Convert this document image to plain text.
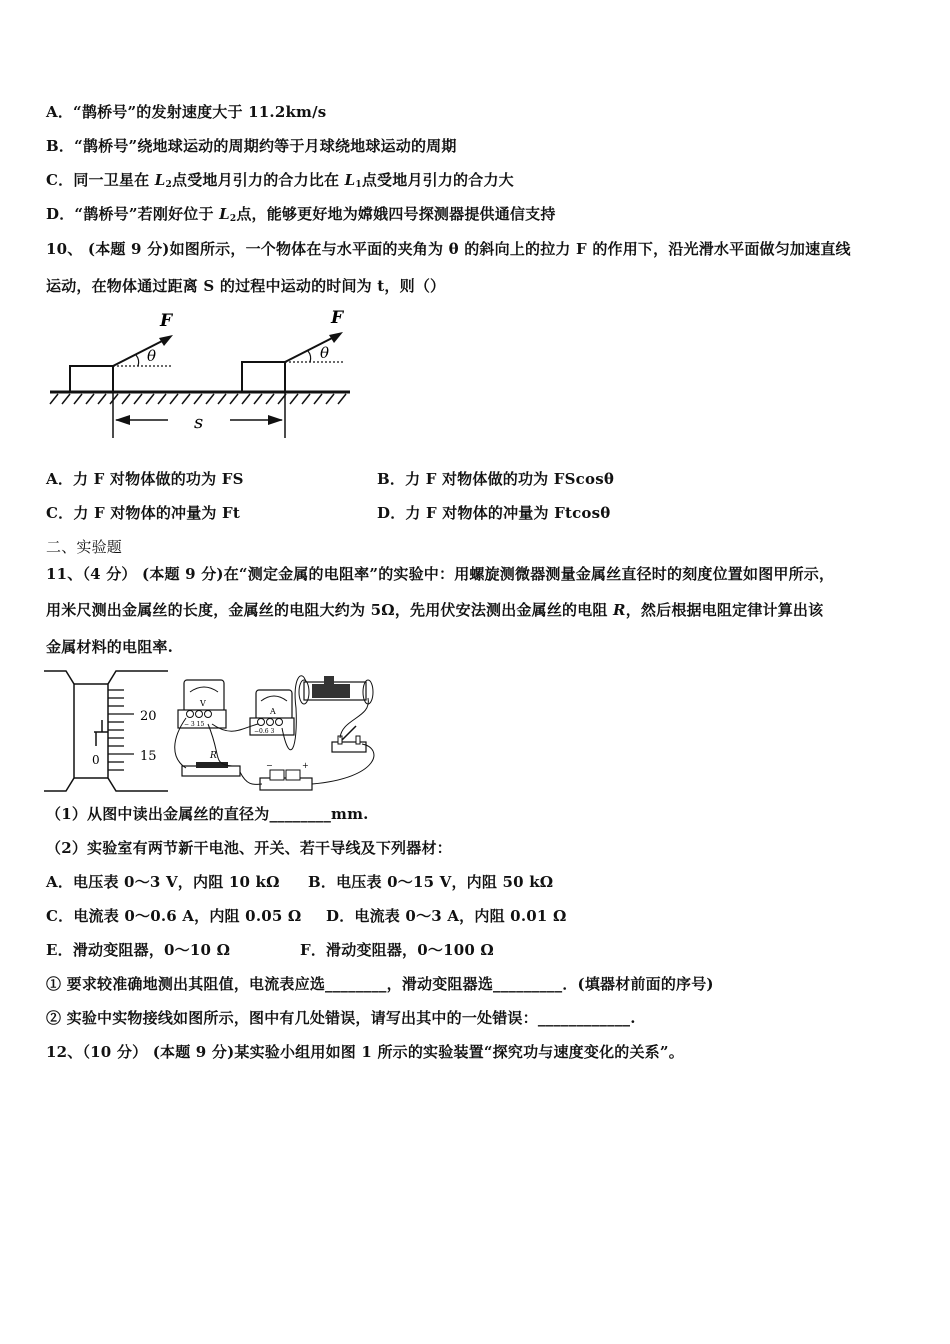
A．“鹊桥号”的发射速度大于 11.2km/s
B．“鹊桥号”绕地球运动的周期约等于月球绕地球运动的周期
C．同一卫星在 $L_2$点受地月引力的合力比在 $L_1$点受地月引力的合力大
D．“鹊桥号”若刚好位于 $L_2$点，能够更好地为嫦娥四号探测器提供通信支持
10、 (本题 9 分)如图所示，一个物体在与水平面的夹角为 θ 的斜向上的拉力 F 的作用下，沿光滑水平面做匀加速直线
运动，在物体通过距离 S 的过程中运动的时间为 t，则（）
F	F
θ	θ
s
A．力 F 对物体做的功为 FS	B．力 F 对物体做的功为 FScosθ
C．力 F 对物体的冲量为 Ft	D．力 F 对物体的冲量为 Ftcosθ
二、实验题
11、（4 分） (本题 9 分)在“测定金属的电阻率”的实验中：用螺旋测微器测量金属丝直径时的刻度位置如图甲所示，
用米尺测出金属丝的长度，金属丝的电阻大约为 5Ω，先用伏安法测出金属丝的电阻 R，然后根据电阻定律计算出该
金属材料的电阻率.
0
20
15
V
− 3 15
A
−0.6 3
R
−	+
（1）从图中读出金属丝的直径为________mm.
（2）实验室有两节新干电池、开关、若干导线及下列器材：
A．电压表 0～3 V，内阻 10 kΩ B．电压表 0～15 V，内阻 50 kΩ
C．电流表 0～0.6 A，内阻 0.05 Ω D．电流表 0～3 A，内阻 0.01 Ω
E．滑动变阻器，0～10 Ω	F．滑动变阻器，0～100 Ω
① 要求较准确地测出其阻值，电流表应选________，滑动变阻器选_________．(填器材前面的序号)
② 实验中实物接线如图所示，图中有几处错误，请写出其中的一处错误：____________.
12、（10 分） (本题 9 分)某实验小组用如图 1 所示的实验装置“探究功与速度变化的关系”。
